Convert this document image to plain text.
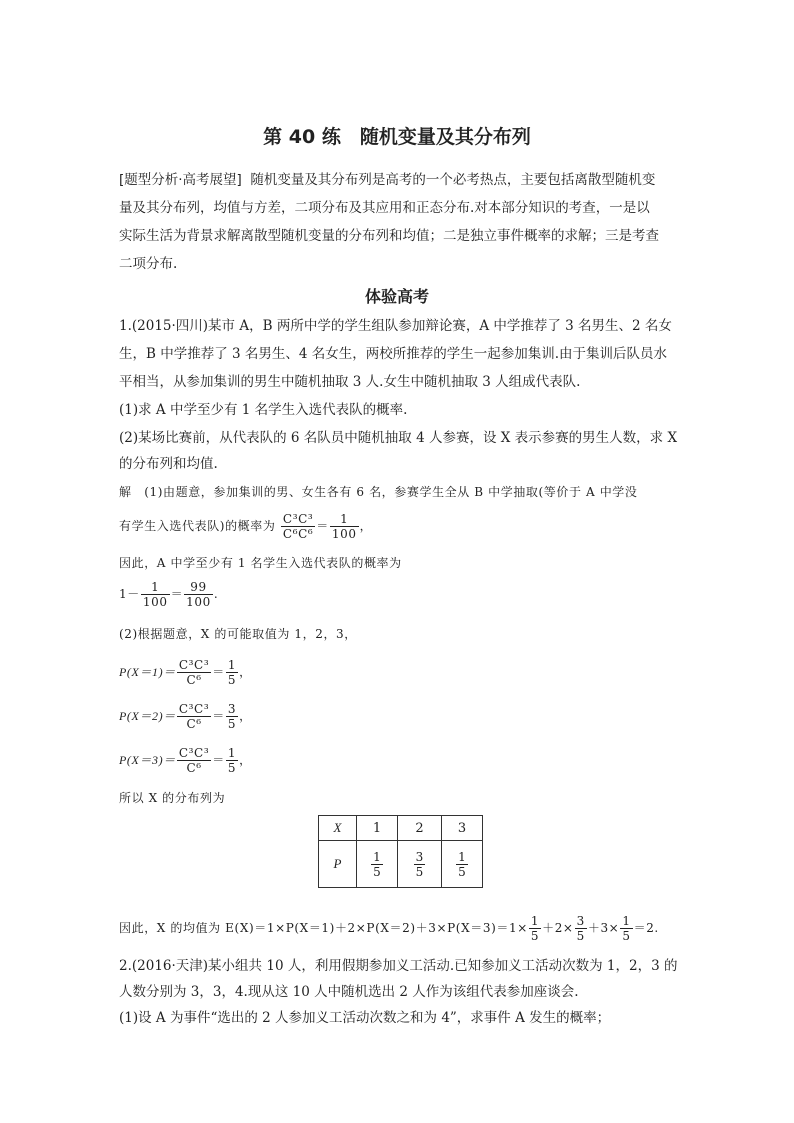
第 40 练　随机变量及其分布列
[题型分析·高考展望] 随机变量及其分布列是高考的一个必考热点，主要包括离散型随机变
量及其分布列，均值与方差，二项分布及其应用和正态分布.对本部分知识的考查，一是以
实际生活为背景求解离散型随机变量的分布列和均值；二是独立事件概率的求解；三是考查
二项分布.
体验高考
1.(2015·四川)某市 A，B 两所中学的学生组队参加辩论赛，A 中学推荐了 3 名男生、2 名女
生，B 中学推荐了 3 名男生、4 名女生，两校所推荐的学生一起参加集训.由于集训后队员水
平相当，从参加集训的男生中随机抽取 3 人.女生中随机抽取 3 人组成代表队.
(1)求 A 中学至少有 1 名学生入选代表队的概率.
(2)某场比赛前，从代表队的 6 名队员中随机抽取 4 人参赛，设 X 表示参赛的男生人数，求 X
的分布列和均值.
解　(1)由题意，参加集训的男、女生各有 6 名，参赛学生全从 B 中学抽取(等价于 A 中学没
有学生入选代表队)的概率为 $\frac{\text{C³C³}}{\text{C⁶C⁶}} = \frac{1}{100}$ ，
因此，A 中学至少有 1 名学生入选代表队的概率为
$1- \frac{1}{100} = \frac{99}{100}$ .
(2)根据题意，X 的可能取值为 1，2，3，
$P(X=1)= \frac{\text{C³C³}}{\text{C⁶}} = \frac{1}{5}$ ，
$P(X=2)= \frac{\text{C³C³}}{\text{C⁶}} = \frac{3}{5}$ ，
$P(X=3)= \frac{\text{C³C³}}{\text{C⁶}} = \frac{1}{5}$ ，
所以 X 的分布列为
X	1	2	3
P	$\frac{1}{5}$	$\frac{3}{5}$	$\frac{1}{5}$
因此，X 的均值为 $E(X)=1\times P(X=1)+2\times P(X=2)+3\times P(X=3)=1\times \frac{1}{5} +2\times \frac{3}{5} +3\times \frac{1}{5} =2$.
2.(2016·天津)某小组共 10 人，利用假期参加义工活动.已知参加义工活动次数为 1，2，3 的
人数分别为 3，3，4.现从这 10 人中随机选出 2 人作为该组代表参加座谈会.
(1)设 A 为事件“选出的 2 人参加义工活动次数之和为 4”，求事件 A 发生的概率；
